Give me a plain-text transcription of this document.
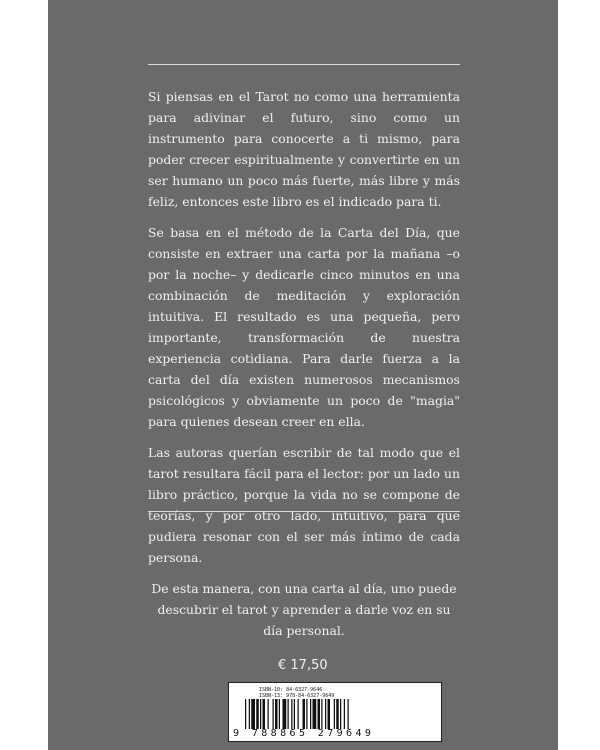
Si piensas en el Tarot no como una herramienta para adivinar el futuro, sino como un instrumento para conocerte a ti mismo, para poder crecer espiritualmente y convertirte en un ser humano un poco más fuerte, más libre y más feliz, entonces este libro es el indicado para ti.

Se basa en el método de la Carta del Día, que consiste en extraer una carta por la mañana –o por la noche– y dedicarle cinco minutos en una combinación de meditación y exploración intuitiva. El resultado es una pequeña, pero importante, transformación de nuestra experiencia cotidiana. Para darle fuerza a la carta del día existen numerosos mecanismos psicológicos y obviamente un poco de "magia" para quienes desean creer en ella.

Las autoras querían escribir de tal modo que el tarot resultara fácil para el lector: por un lado un libro práctico, porque la vida no se compone de teorías, y por otro lado, intuitivo, para que pudiera resonar con el ser más íntimo de cada persona.

De esta manera, con una carta al día, uno puede descubrir el tarot y aprender a darle voz en su día personal.

€ 17,50
ISBN-10: 84-6327-9646
ISBN-13: 978-84-6327-9649
9 788865 279649
